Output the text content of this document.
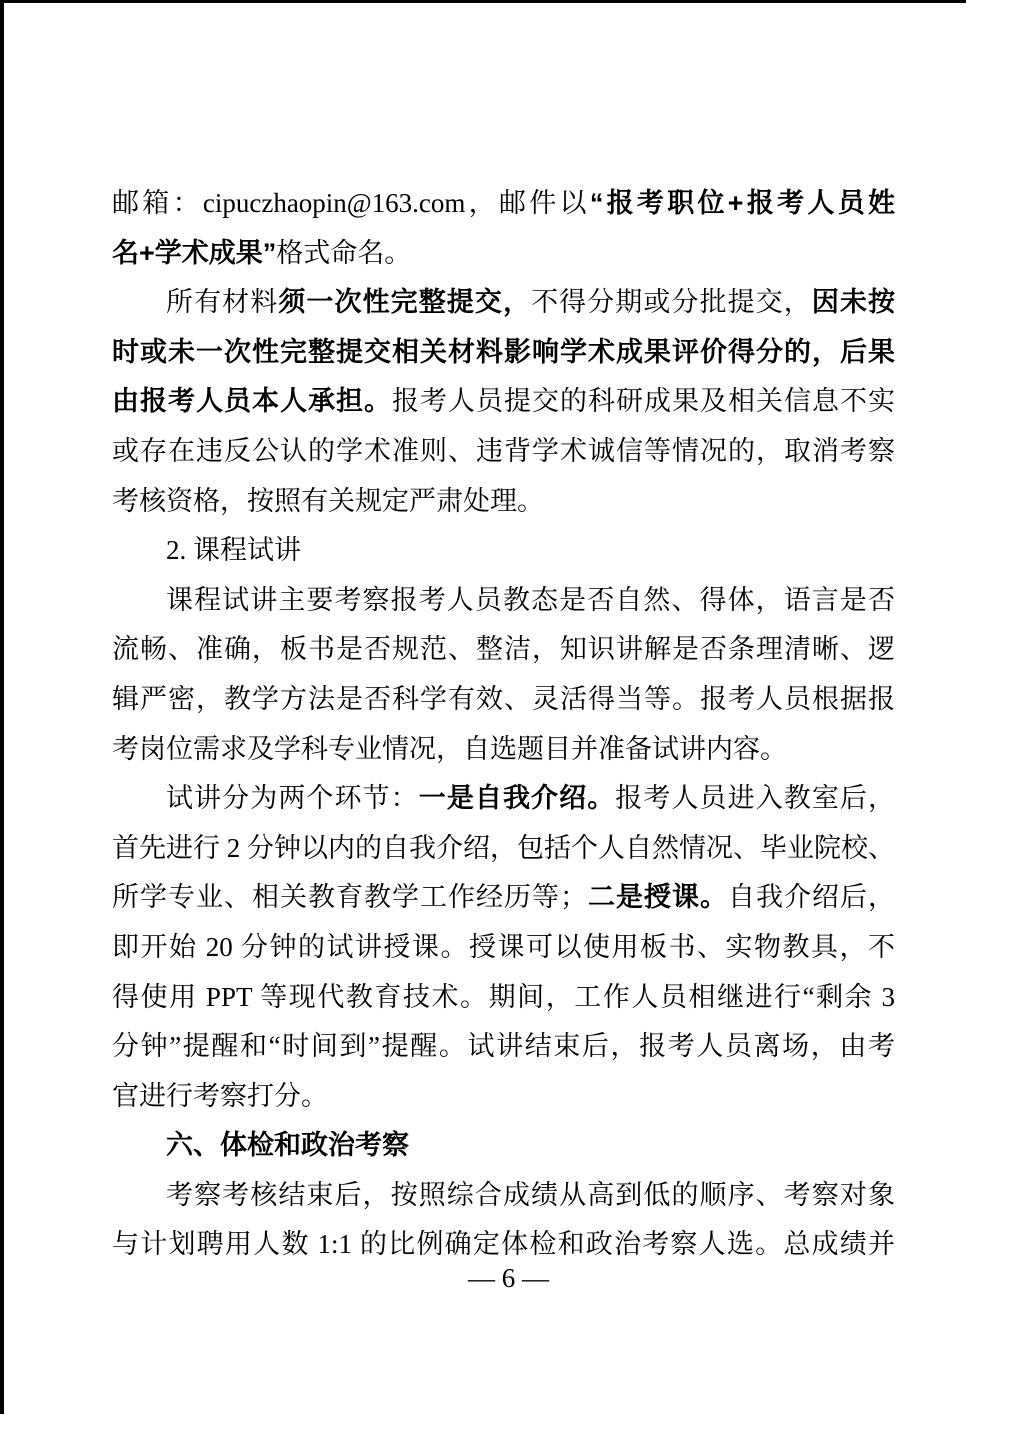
邮箱：cipuczhaopin@163.com，邮件以“报考职位+报考人员姓
名+学术成果”格式命名。
所有材料须一次性完整提交，不得分期或分批提交，因未按
时或未一次性完整提交相关材料影响学术成果评价得分的，后果
由报考人员本人承担。报考人员提交的科研成果及相关信息不实
或存在违反公认的学术准则、违背学术诚信等情况的，取消考察
考核资格，按照有关规定严肃处理。
2. 课程试讲
课程试讲主要考察报考人员教态是否自然、得体，语言是否
流畅、准确，板书是否规范、整洁，知识讲解是否条理清晰、逻
辑严密，教学方法是否科学有效、灵活得当等。报考人员根据报
考岗位需求及学科专业情况，自选题目并准备试讲内容。
试讲分为两个环节：一是自我介绍。报考人员进入教室后，
首先进行 2 分钟以内的自我介绍，包括个人自然情况、毕业院校、
所学专业、相关教育教学工作经历等；二是授课。自我介绍后，
即开始 20 分钟的试讲授课。授课可以使用板书、实物教具，不
得使用 PPT 等现代教育技术。期间，工作人员相继进行“剩余 3
分钟”提醒和“时间到”提醒。试讲结束后，报考人员离场，由考
官进行考察打分。
六、体检和政治考察
考察考核结束后，按照综合成绩从高到低的顺序、考察对象
与计划聘用人数 1:1 的比例确定体检和政治考察人选。总成绩并
— 6 —
